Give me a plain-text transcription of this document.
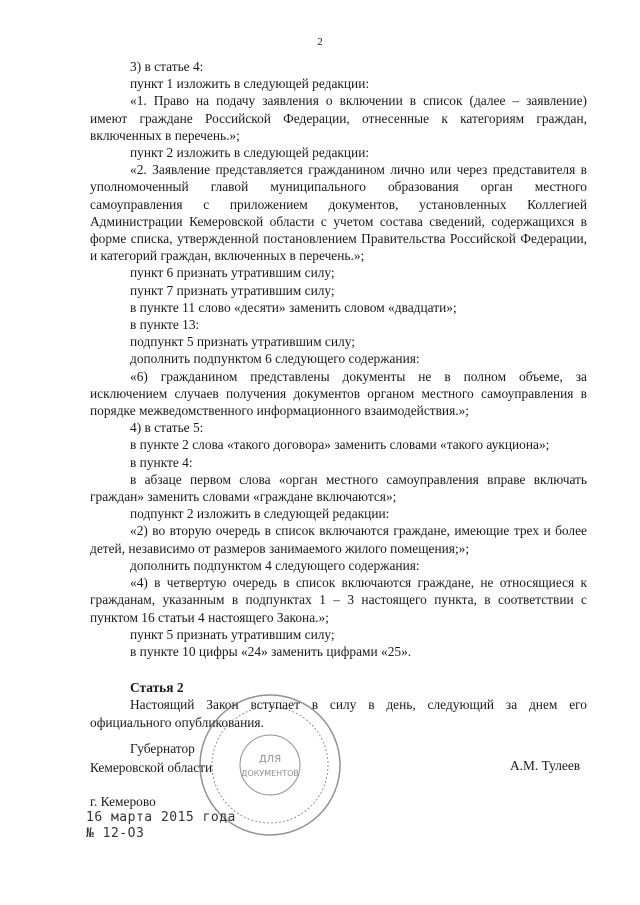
2

3) в статье 4:

пункт 1 изложить в следующей редакции:

«1. Право на подачу заявления о включении в список (далее – заявление) имеют граждане Российской Федерации, отнесенные к категориям граждан, включенных в перечень.»;

пункт 2 изложить в следующей редакции:

«2. Заявление представляется гражданином лично или через представителя в уполномоченный главой муниципального образования орган местного самоуправления с приложением документов, установленных Коллегией Администрации Кемеровской области с учетом состава сведений, содержащихся в форме списка, утвержденной постановлением Правительства Российской Федерации, и категорий граждан, включенных в перечень.»;

пункт 6 признать утратившим силу;

пункт 7 признать утратившим силу;

в пункте 11 слово «десяти» заменить словом «двадцати»;

в пункте 13:

подпункт 5 признать утратившим силу;

дополнить подпунктом 6 следующего содержания:

«6) гражданином представлены документы не в полном объеме, за исключением случаев получения документов органом местного самоуправления в порядке межведомственного информационного взаимодействия.»;

4) в статье 5:

в пункте 2 слова «такого договора» заменить словами «такого аукциона»;

в пункте 4:

в абзаце первом слова «орган местного самоуправления вправе включать граждан» заменить словами «граждане включаются»;

подпункт 2 изложить в следующей редакции:

«2) во вторую очередь в список включаются граждане, имеющие трех и более детей, независимо от размеров занимаемого жилого помещения;»;

дополнить подпунктом 4 следующего содержания:

«4) в четвертую очередь в список включаются граждане, не относящиеся к гражданам, указанным в подпунктах 1 – 3 настоящего пункта, в соответствии с пунктом 16 статьи 4 настоящего Закона.»;

пункт 5 признать утратившим силу;

в пункте 10 цифры «24» заменить цифрами «25».

Статья 2

Настоящий Закон вступает в силу в день, следующий за днем его официального опубликования.

ДЛЯ
ДОКУМЕНТОВ
Губернатор
Кемеровской области	А.М. Тулеев
г. Кемерово
16 марта 2015 года
№ 12-ОЗ
